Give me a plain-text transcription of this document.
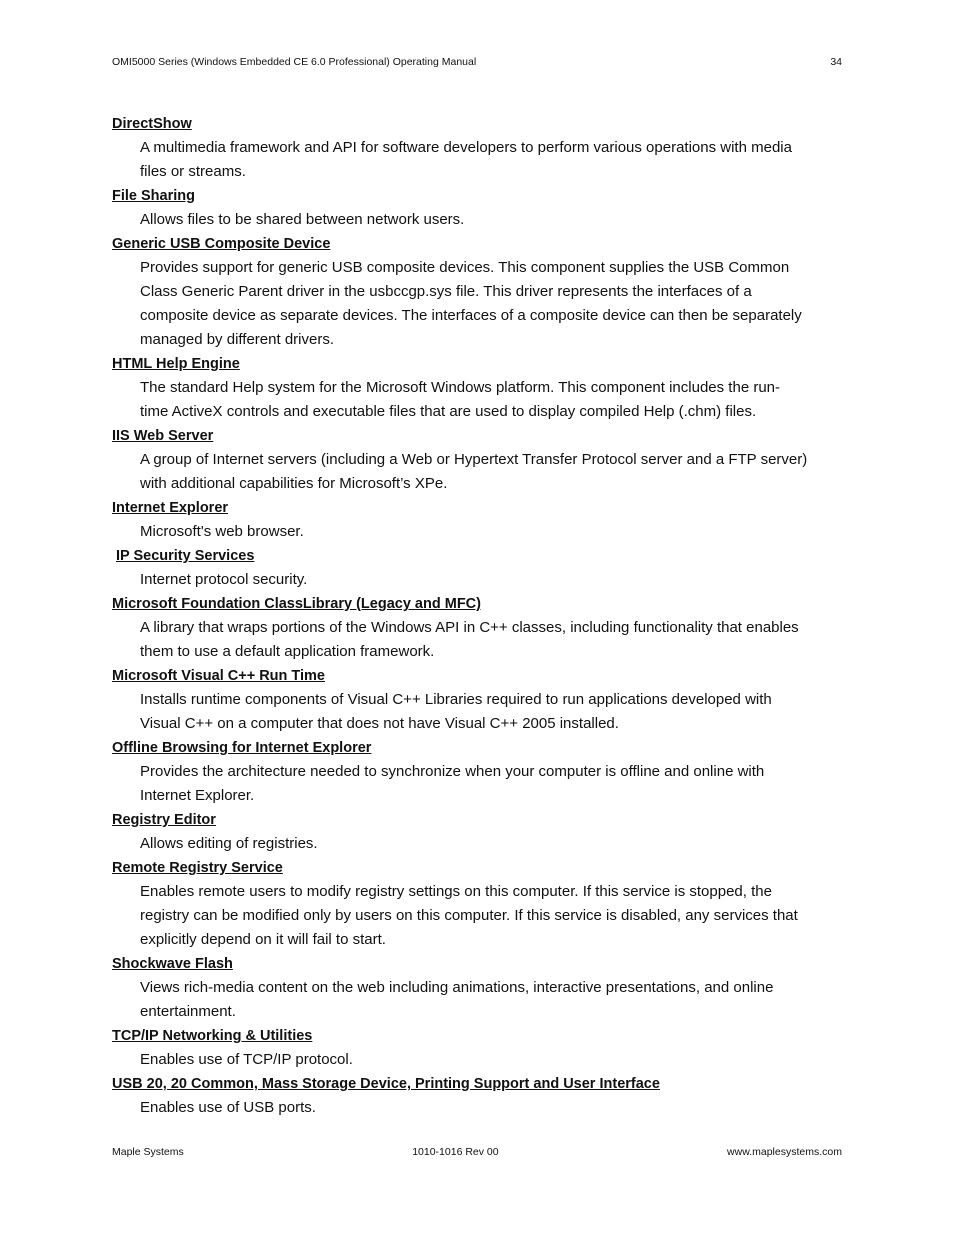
OMI5000 Series (Windows Embedded CE 6.0 Professional) Operating Manual	34
DirectShow
A multimedia framework and API for software developers to perform various operations with media
files or streams.
File Sharing
Allows files to be shared between network users.
Generic USB Composite Device
Provides support for generic USB composite devices. This component supplies the USB Common
Class Generic Parent driver in the usbccgp.sys file. This driver represents the interfaces of a
composite device as separate devices. The interfaces of a composite device can then be separately
managed by different drivers.
HTML Help Engine
The standard Help system for the Microsoft Windows platform. This component includes the run-
time ActiveX controls and executable files that are used to display compiled Help (.chm) files.
IIS Web Server
A group of Internet servers (including a Web or Hypertext Transfer Protocol server and a FTP server)
with additional capabilities for Microsoft’s XPe.
Internet Explorer
Microsoft's web browser.
IP Security Services
Internet protocol security.
Microsoft Foundation ClassLibrary (Legacy and MFC)
A library that wraps portions of the Windows API in C++ classes, including functionality that enables
them to use a default application framework.
Microsoft Visual C++ Run Time
Installs runtime components of Visual C++ Libraries required to run applications developed with
Visual C++ on a computer that does not have Visual C++ 2005 installed.
Offline Browsing for Internet Explorer
Provides the architecture needed to synchronize when your computer is offline and online with
Internet Explorer.
Registry Editor
Allows editing of registries.
Remote Registry Service
Enables remote users to modify registry settings on this computer. If this service is stopped, the
registry can be modified only by users on this computer. If this service is disabled, any services that
explicitly depend on it will fail to start.
Shockwave Flash
Views rich-media content on the web including animations, interactive presentations, and online
entertainment.
TCP/IP Networking & Utilities
Enables use of TCP/IP protocol.
USB 20, 20 Common, Mass Storage Device, Printing Support and User Interface
Enables use of USB ports.
Maple Systems	1010-1016 Rev 00	www.maplesystems.com
